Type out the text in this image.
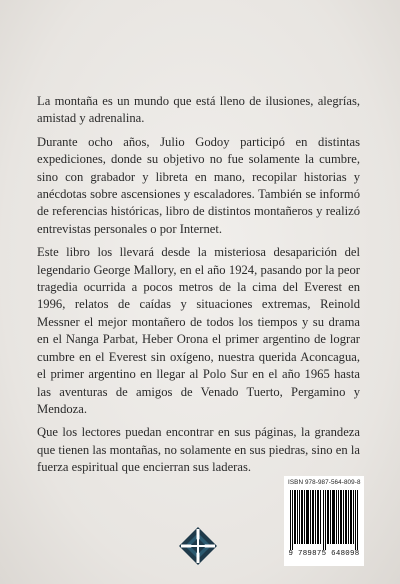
La montaña es un mundo que está lleno de ilusiones, alegrías, amistad y adrenalina.

Durante ocho años, Julio Godoy participó en distintas expediciones, donde su objetivo no fue solamente la cumbre, sino con grabador y libreta en mano, recopilar historias y anécdotas sobre ascensiones y escaladores. También se informó de referencias históricas, libro de distintos montañeros y realizó entrevistas personales o por Internet.

Este libro los llevará desde la misteriosa desaparición del legendario George Mallory, en el año 1924, pasando por la peor tragedia ocurrida a pocos metros de la cima del Everest en 1996, relatos de caídas y situaciones extremas, Reinold Messner el mejor montañero de todos los tiempos y su drama en el Nanga Parbat, Heber Orona el primer argentino de lograr cumbre en el Everest sin oxígeno, nuestra querida Aconcagua, el primer argentino en llegar al Polo Sur en el año 1965 hasta las aventuras de amigos de Venado Tuerto, Pergamino y Mendoza.

Que los lectores puedan encontrar en sus páginas, la grandeza que tienen las montañas, no solamente en sus piedras, sino en la fuerza espiritual que encierran sus laderas.

ISBN 978-987-564-809-8
9 789875 648098
